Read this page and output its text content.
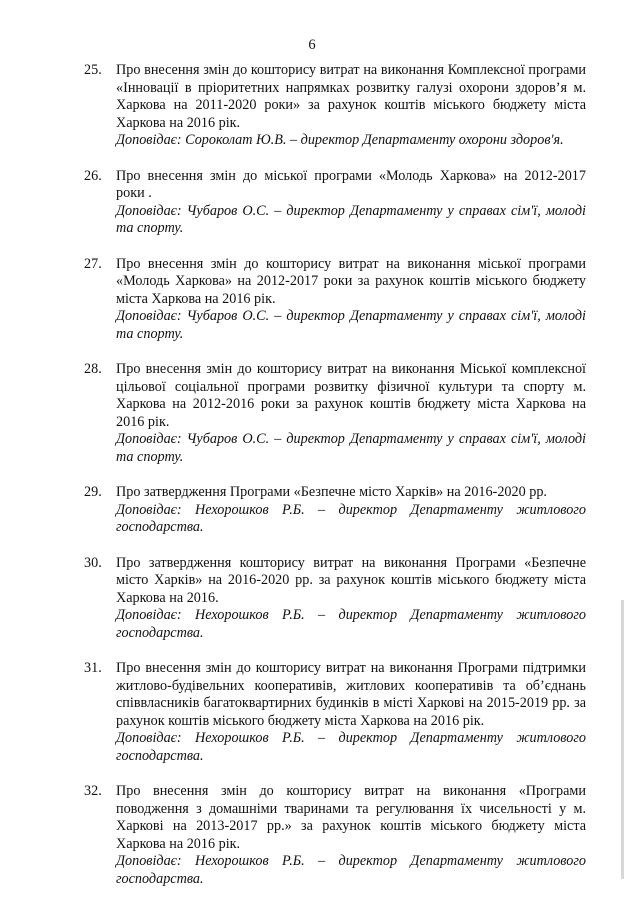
6
25. Про внесення змін до кошторису витрат на виконання Комплексної програми «Інновації в пріоритетних напрямках розвитку галузі охорони здоров’я м. Харкова на 2011-2020 роки» за рахунок коштів міського бюджету міста Харкова на 2016 рік.
Доповідає: Сороколат Ю.В. – директор Департаменту охорони здоров'я.
26. Про внесення змін до міської програми «Молодь Харкова» на 2012-2017 роки .
Доповідає: Чубаров О.С. – директор Департаменту у справах сім'ї, молоді та спорту.
27. Про внесення змін до кошторису витрат на виконання міської програми «Молодь Харкова» на 2012-2017 роки за рахунок коштів міського бюджету міста Харкова на 2016 рік.
Доповідає: Чубаров О.С. – директор Департаменту у справах сім'ї, молоді та спорту.
28. Про внесення змін до кошторису витрат на виконання Міської комплексної цільової соціальної програми розвитку фізичної культури та спорту м. Харкова на 2012-2016 роки за рахунок коштів бюджету міста Харкова на 2016 рік.
Доповідає: Чубаров О.С. – директор Департаменту у справах сім'ї, молоді та спорту.
29. Про затвердження Програми «Безпечне місто Харків» на 2016-2020 рр.
Доповідає: Нехорошков Р.Б. – директор Департаменту житлового господарства.
30. Про затвердження кошторису витрат на виконання Програми «Безпечне місто Харків» на 2016-2020 рр. за рахунок коштів міського бюджету міста Харкова на 2016.
Доповідає: Нехорошков Р.Б. – директор Департаменту житлового господарства.
31. Про внесення змін до кошторису витрат на виконання Програми підтримки житлово-будівельних кооперативів, житлових кооперативів та об’єднань співвласників багатоквартирних будинків в місті Харкові на 2015-2019 рр. за рахунок коштів міського бюджету міста Харкова на 2016 рік.
Доповідає: Нехорошков Р.Б. – директор Департаменту житлового господарства.
32. Про внесення змін до кошторису витрат на виконання «Програми поводження з домашніми тваринами та регулювання їх чисельності у м. Харкові на 2013-2017 рр.» за рахунок коштів міського бюджету міста Харкова на 2016 рік.
Доповідає: Нехорошков Р.Б. – директор Департаменту житлового господарства.
